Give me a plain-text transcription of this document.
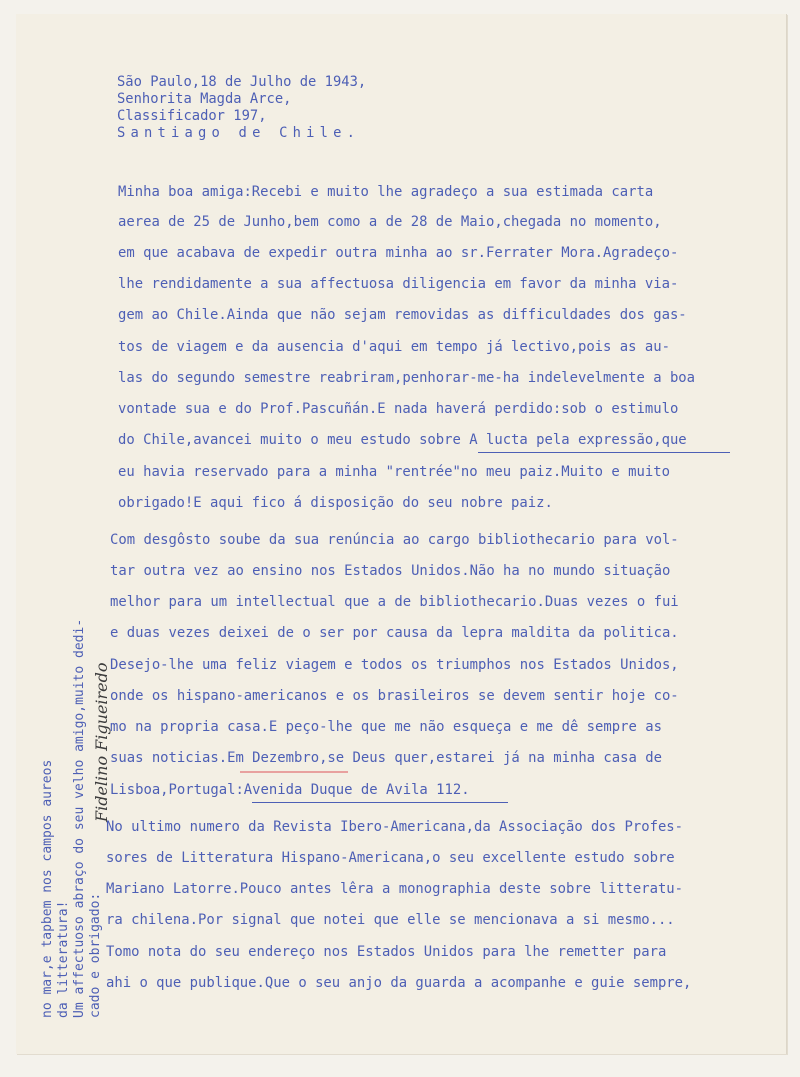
São Paulo,18 de Julho de 1943,
Senhorita Magda Arce,
Classificador 197,
Santiago de Chile.
Minha boa amiga:Recebi e muito lhe agradeço a sua estimada carta
aerea de 25 de Junho,bem como a de 28 de Maio,chegada no momento,
em que acabava de expedir outra minha ao sr.Ferrater Mora.Agradeço-
lhe rendidamente a sua affectuosa diligencia em favor da minha via-
gem ao Chile.Ainda que não sejam removidas as difficuldades dos gas-
tos de viagem e da ausencia d'aqui em tempo já lectivo,pois as au-
las do segundo semestre reabriram,penhorar-me-ha indelevelmente a boa
vontade sua e do Prof.Pascuñán.E nada haverá perdido:sob o estimulo
do Chile,avancei muito o meu estudo sobre A lucta pela expressão,que
eu havia reservado para a minha "rentrée"no meu paiz.Muito e muito
obrigado!E aqui fico á disposição do seu nobre paiz.
Com desgôsto soube da sua renúncia ao cargo bibliothecario para vol-
tar outra vez ao ensino nos Estados Unidos.Não ha no mundo situação
melhor para um intellectual que a de bibliothecario.Duas vezes o fui
e duas vezes deixei de o ser por causa da lepra maldita da politica.
Desejo-lhe uma feliz viagem e todos os triumphos nos Estados Unidos,
onde os hispano-americanos e os brasileiros se devem sentir hoje co-
mo na propria casa.E peço-lhe que me não esqueça e me dê sempre as
suas noticias.Em Dezembro,se Deus quer,estarei já na minha casa de
Lisboa,Portugal:Avenida Duque de Avila 112.
No ultimo numero da Revista Ibero-Americana,da Associação dos Profes-
sores de Litteratura Hispano-Americana,o seu excellente estudo sobre
Mariano Latorre.Pouco antes lêra a monographia deste sobre litteratu-
ra chilena.Por signal que notei que elle se mencionava a si mesmo...
Tomo nota do seu endereço nos Estados Unidos para lhe remetter para
ahi o que publique.Que o seu anjo da guarda a acompanhe e guie sempre,
no mar,e tapbem nos campos aureos da litteratura! Um affectuoso abraço do seu velho amigo,muito dedi- cado e obrigado:
Fidelino Figueiredo
